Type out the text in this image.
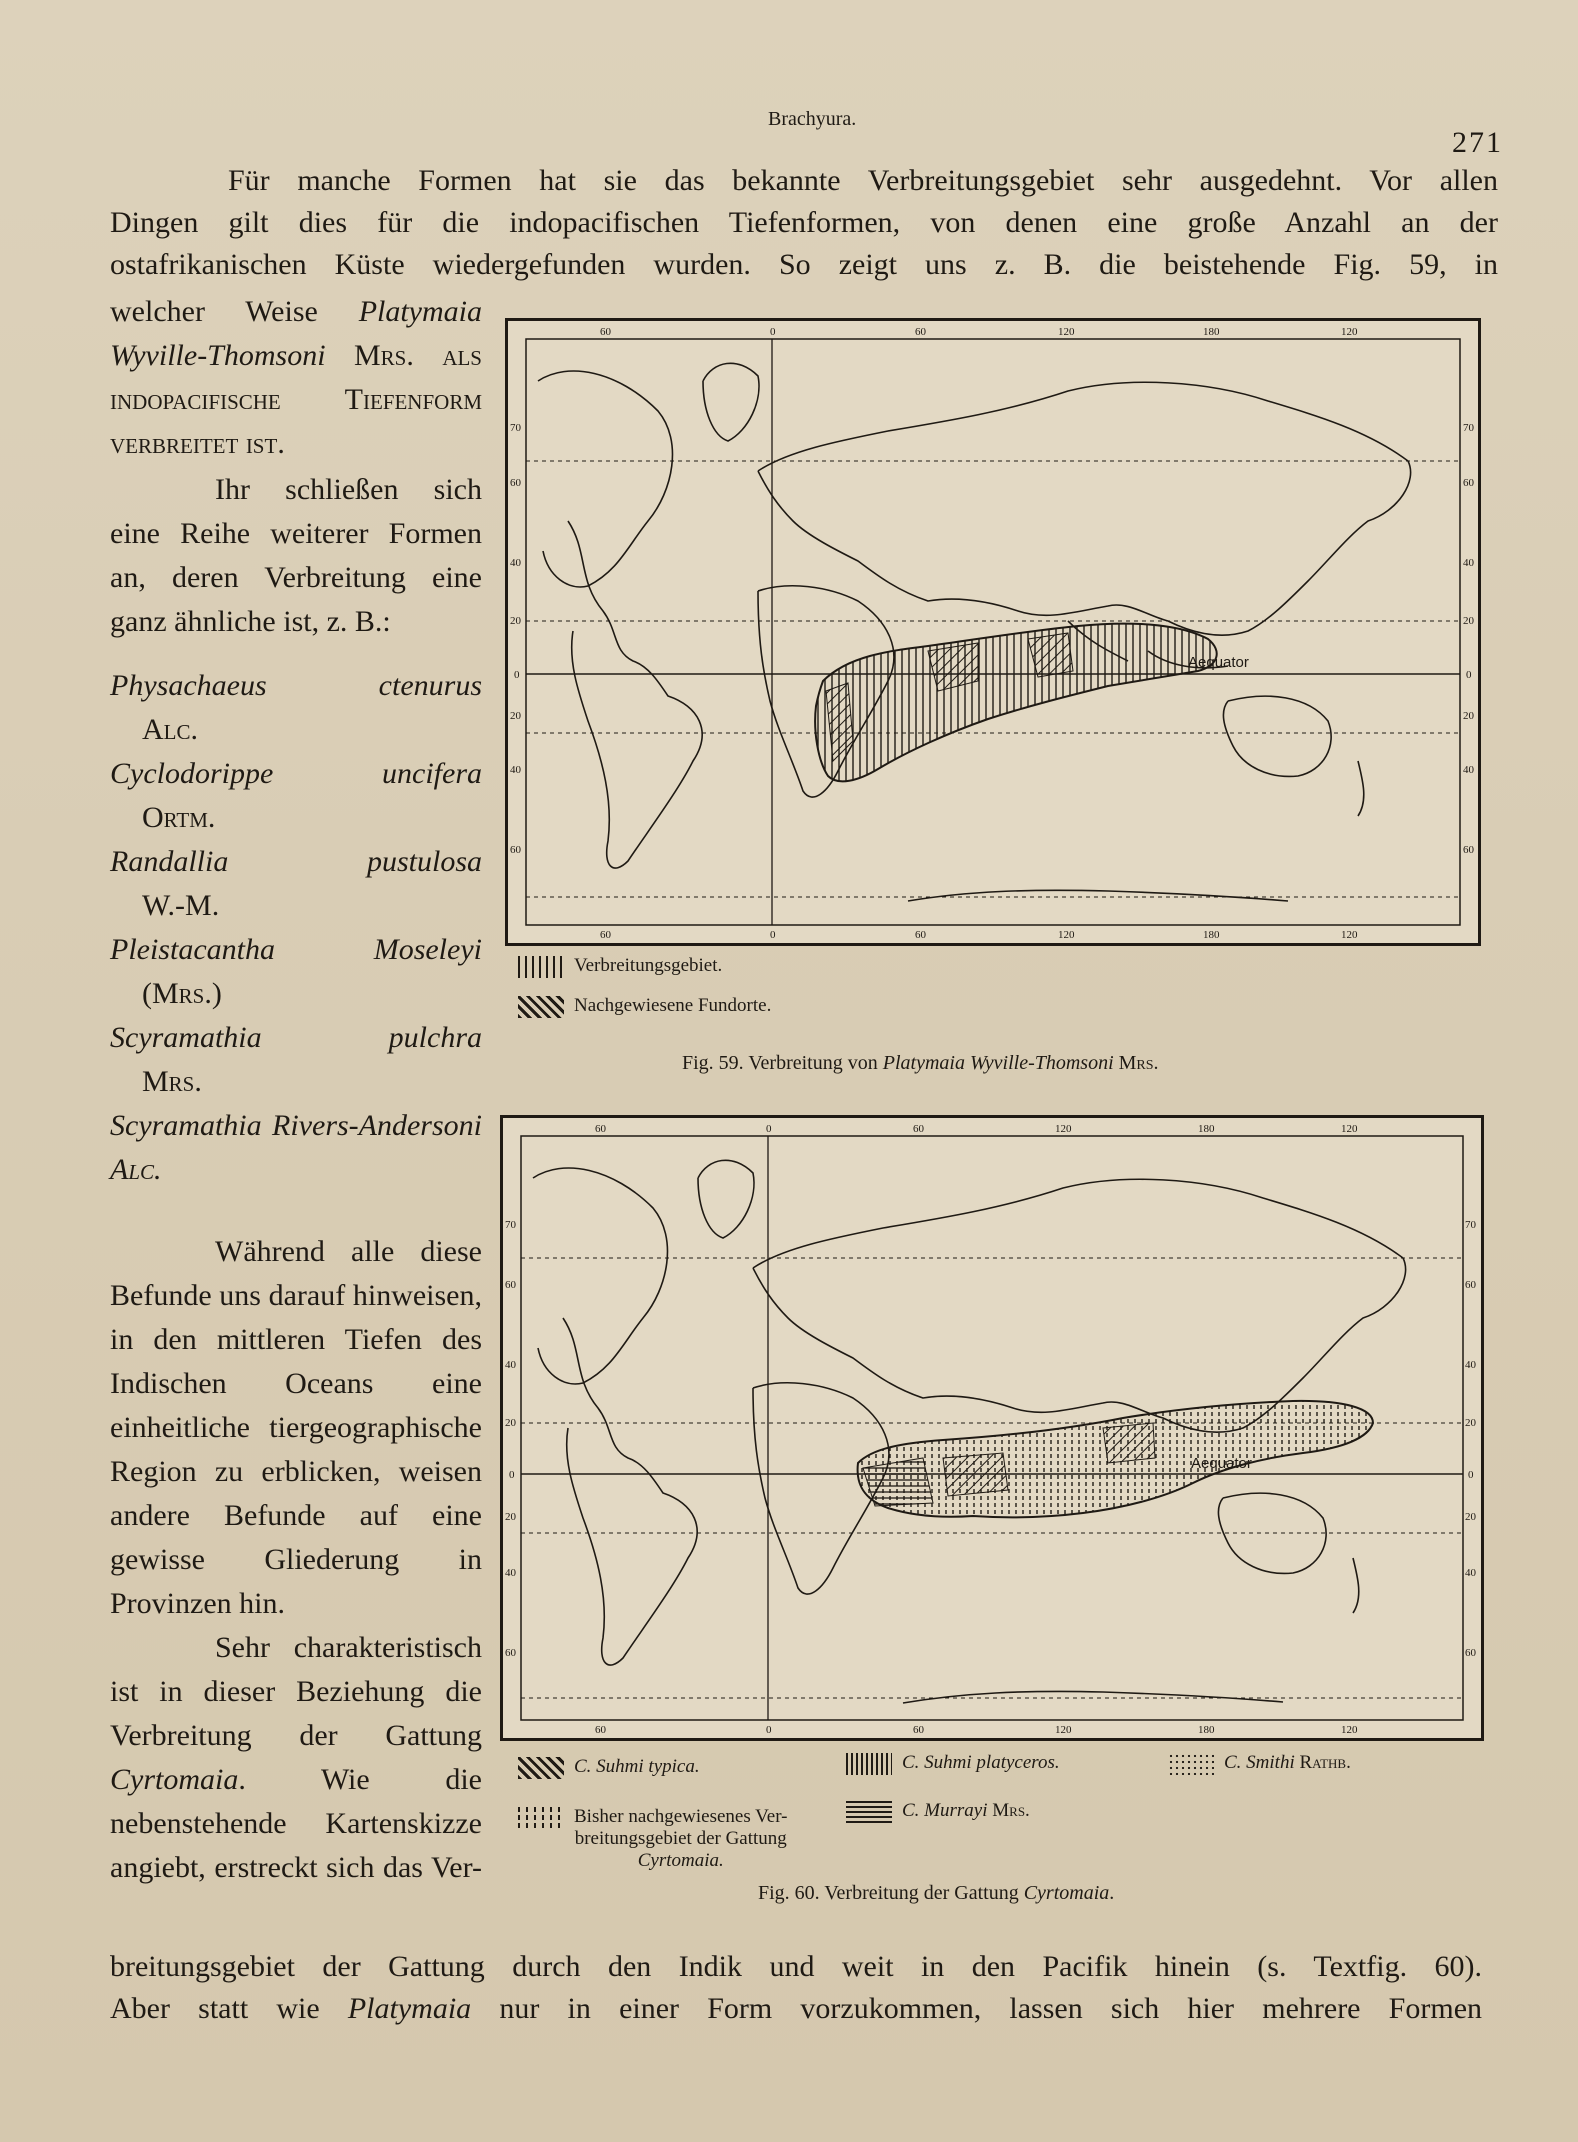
Brachyura.
271
Für manche Formen hat sie das bekannte Verbreitungsgebiet sehr ausgedehnt. Vor allen
Dingen gilt dies für die indopacifischen Tiefenformen, von denen eine große Anzahl an der
ostafrikanischen Küste wiedergefunden wurden. So zeigt uns z. B. die beistehende Fig. 59, in

welcher Weise Platymaia Wyville-Thomsoni Mrs. als indopacifische Tiefenform verbreitet ist.

Ihr schließen sich eine Reihe weiterer Formen an, deren Verbreitung eine ganz ähnliche ist, z. B.:

Physachaeus ctenurus
Alc.
Cyclodorippe uncifera
Ortm.
Randallia pustulosa
W.-M.
Pleistacantha Moseleyi
(Mrs.)
Scyramathia pulchra
Mrs.
Scyramathia Rivers-Andersoni Alc.

Während alle diese Befunde uns darauf hinweisen, in den mittleren Tiefen des Indischen Oceans eine einheitliche tiergeographische Region zu erblicken, weisen andere Befunde auf eine gewisse Gliederung in Provinzen hin.

Sehr charakteristisch ist in dieser Beziehung die Verbreitung der Gattung Cyrtomaia. Wie die nebenstehende Kartenskizze angiebt, erstreckt sich das Ver-

60	0	60	120	180	120
60	0	60	120	180	120
70
60
40
20
0
20
40
60
70
60
40
20
0
20
40
60
Aequator
Verbreitungsgebiet.
Nachgewiesene Fundorte.
Fig. 59. Verbreitung von Platymaia Wyville-Thomsoni Mrs.
60	0	60	120	180	120
60	0	60	120	180	120
70
60
40
20
0
20
40
60
70
60
40
20
0
20
40
60
Aequator
C. Suhmi typica.	C. Suhmi platyceros.	C. Smithi Rathb.
Bisher nachgewiesenes Ver-
breitungsgebiet der Gattung
Cyrtomaia.
C. Murrayi Mrs.
Fig. 60. Verbreitung der Gattung Cyrtomaia.
breitungsgebiet der Gattung durch den Indik und weit in den Pacifik hinein (s. Textfig. 60).
Aber statt wie Platymaia nur in einer Form vorzukommen, lassen sich hier mehrere Formen
